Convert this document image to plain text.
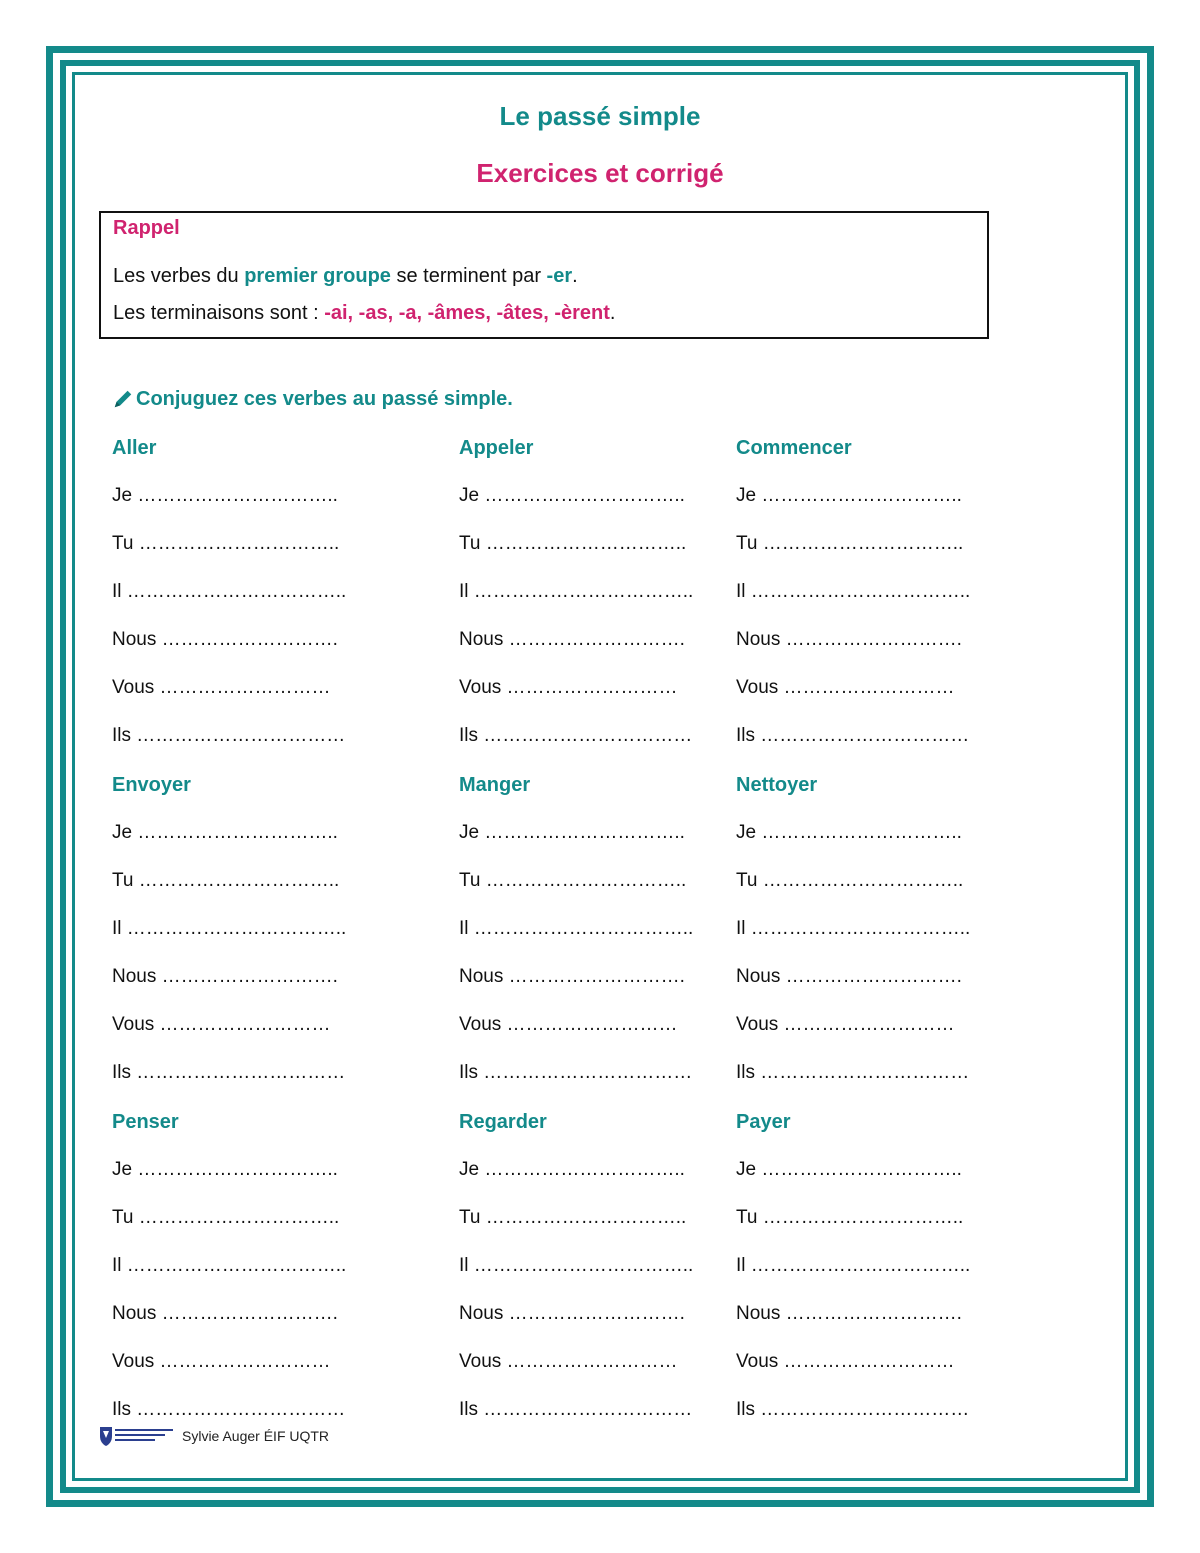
Le passé simple
Exercices et corrigé

Rappel

Les verbes du premier groupe se terminent par -er.

Les terminaisons sont : -ai, -as, -a, -âmes, -âtes, -èrent.

Conjuguez ces verbes au passé simple.

Aller

Je …………………………..

Tu …………………………..

Il ……………………………..

Nous ……………………….

Vous ………………………

Ils ……………………………

Appeler

Je …………………………..

Tu …………………………..

Il ……………………………..

Nous ……………………….

Vous ………………………

Ils ……………………………

Commencer

Je …………………………..

Tu …………………………..

Il ……………………………..

Nous ……………………….

Vous ………………………

Ils ……………………………

Envoyer

Je …………………………..

Tu …………………………..

Il ……………………………..

Nous ……………………….

Vous ………………………

Ils ……………………………

Manger

Je …………………………..

Tu …………………………..

Il ……………………………..

Nous ……………………….

Vous ………………………

Ils ……………………………

Nettoyer

Je …………………………..

Tu …………………………..

Il ……………………………..

Nous ……………………….

Vous ………………………

Ils ……………………………

Penser

Je …………………………..

Tu …………………………..

Il ……………………………..

Nous ……………………….

Vous ………………………

Ils ……………………………

Regarder

Je …………………………..

Tu …………………………..

Il ……………………………..

Nous ……………………….

Vous ………………………

Ils ……………………………

Payer

Je …………………………..

Tu …………………………..

Il ……………………………..

Nous ……………………….

Vous ………………………

Ils ……………………………

Sylvie Auger ÉIF UQTR
